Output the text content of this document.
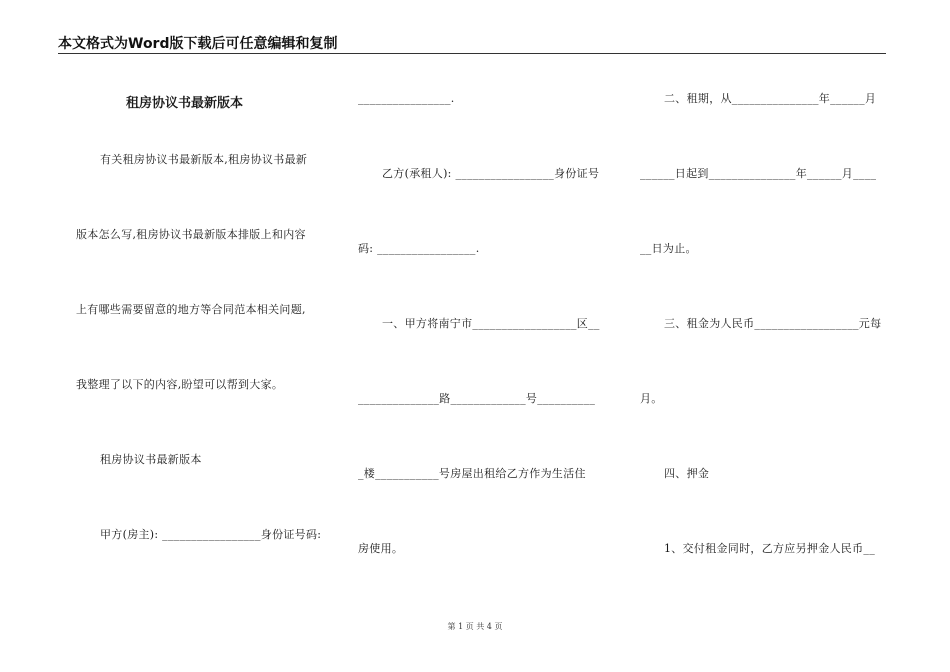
本文格式为Word版下载后可任意编辑和复制
租房协议书最新版本
有关租房协议书最新版本,租房协议书最新
版本怎么写,租房协议书最新版本排版上和内容
上有哪些需要留意的地方等合同范本相关问题,
我整理了以下的内容,盼望可以帮到大家。
租房协议书最新版本
甲方(房主): _________________身份证号码:
________________.
乙方(承租人): _________________身份证号
码: _________________.
一、甲方将南宁市__________________区__
______________路_____________号__________
_楼___________号房屋出租给乙方作为生活住
房使用。
二、租期，从_______________年______月
______日起到_______________年______月____
__日为止。
三、租金为人民币__________________元每
月。
四、押金
1、交付租金同时，乙方应另押金人民币__
第 1 页 共 4 页
